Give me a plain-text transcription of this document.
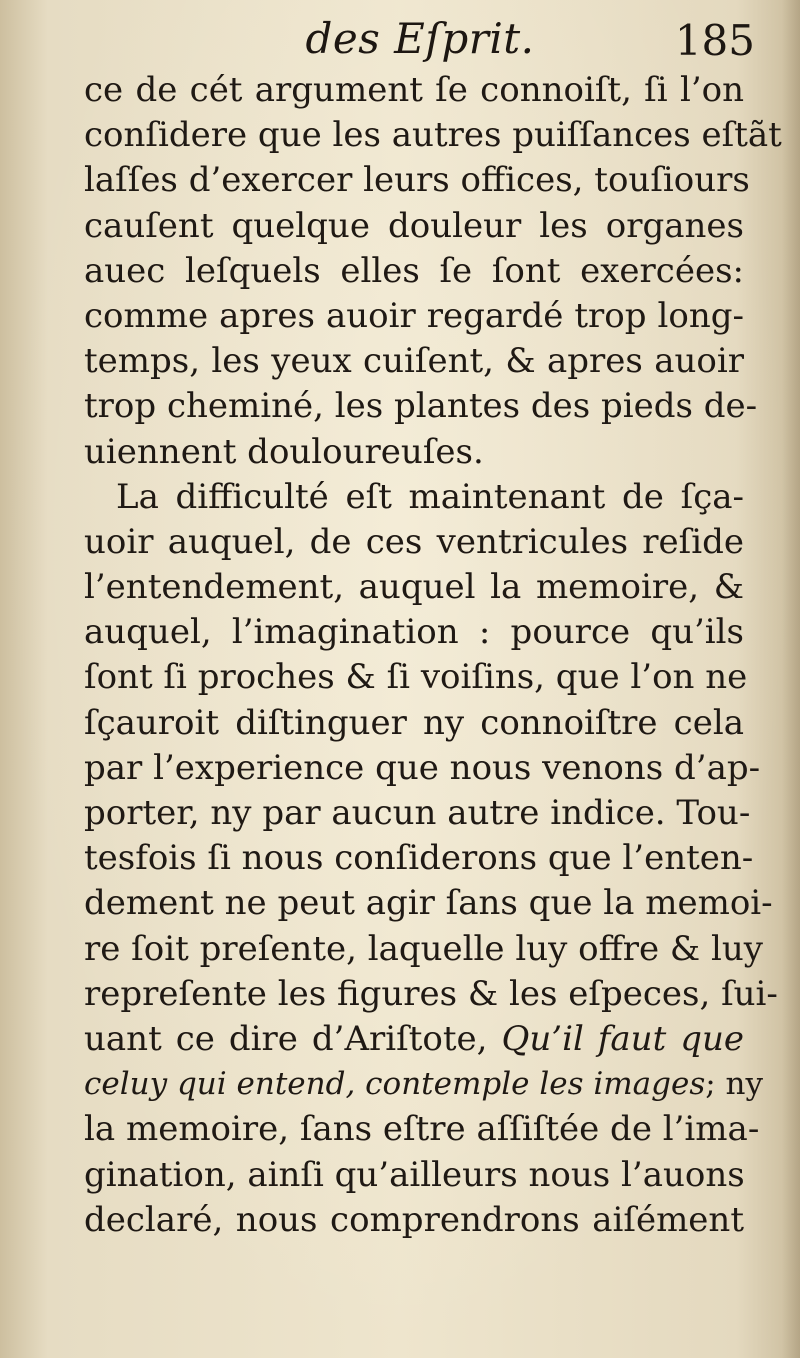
des Eſprit.	185
ce de cét argument ſe connoiſt, ſi l’on
conſidere que les autres puiſſances eſtãt
laſſes d’exercer leurs offices, touſiours
cauſent quelque douleur les organes
auec leſquels elles ſe ſont exercées:
comme apres auoir regardé trop long-
temps, les yeux cuiſent, & apres auoir
trop cheminé, les plantes des pieds de-
uiennent douloureuſes.
La difficulté eſt maintenant de ſça-
uoir auquel, de ces ventricules reſide
l’entendement, auquel la memoire, &
auquel, l’imagination : pource qu’ils
ſont ſi proches & ſi voiſins, que l’on ne
ſçauroit diſtinguer ny connoiſtre cela
par l’experience que nous venons d’ap-
porter, ny par aucun autre indice. Tou-
tesfois ſi nous conſiderons que l’enten-
dement ne peut agir ſans que la memoi-
re ſoit preſente, laquelle luy offre & luy
repreſente les figures & les eſpeces, ſui-
uant ce dire d’Ariſtote, Qu’il faut que
celuy qui entend, contemple les images; ny
la memoire, ſans eſtre aſſiſtée de l’ima-
gination, ainſi qu’ailleurs nous l’auons
declaré, nous comprendrons aiſément
